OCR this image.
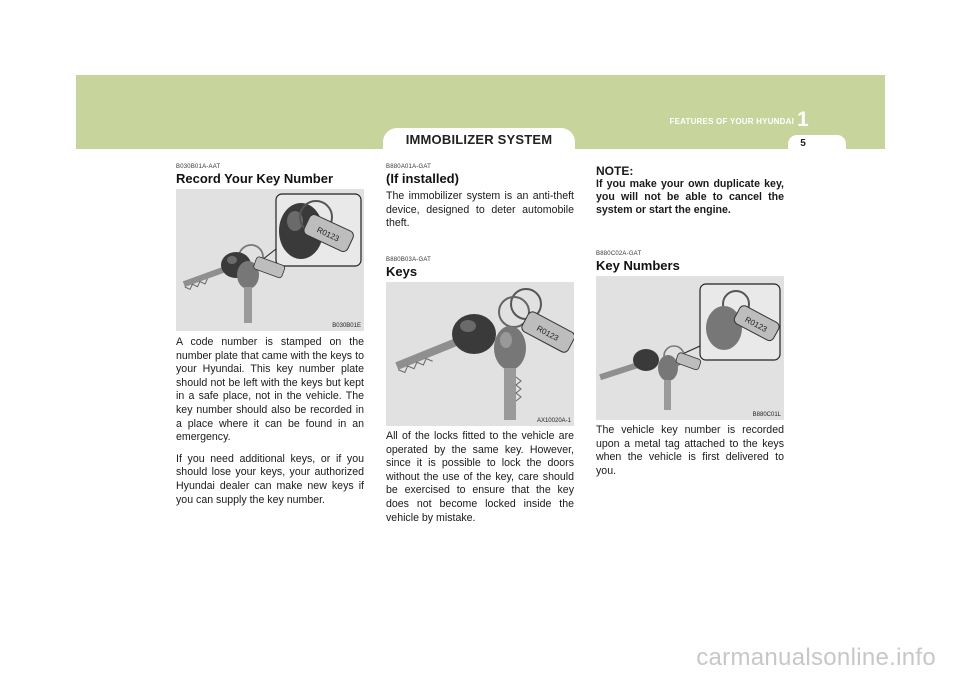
IMMOBILIZER SYSTEM
FEATURES OF YOUR HYUNDAI 1
5
B030B01A-AAT
Record Your Key Number
R0123
B030B01E

A code number is stamped on the number plate that came with the keys to your Hyundai. This key number plate should not be left with the keys but kept in a safe place, not in the vehicle. The key number should also be recorded in a place where it can be found in an emergency.

If you need additional keys, or if you should lose your keys, your authorized Hyundai dealer can make new keys if you can supply the key number.

B880A01A-GAT
(If installed)

The immobilizer system is an anti-theft device, designed to deter automobile theft.

B880B03A-GAT
Keys
R0123
AX10020A-1

All of the locks fitted to the vehicle are operated by the same key. However, since it is possible to lock the doors without the use of the key, care should be exercised to ensure that the key does not become locked inside the vehicle by mistake.

NOTE:

If you make your own duplicate key, you will not be able to cancel the system or start the engine.

B880C02A-GAT
Key Numbers
R0123
B880C01L

The vehicle key number is recorded upon a metal tag attached to the keys when the vehicle is first delivered to you.

carmanualsonline.info
